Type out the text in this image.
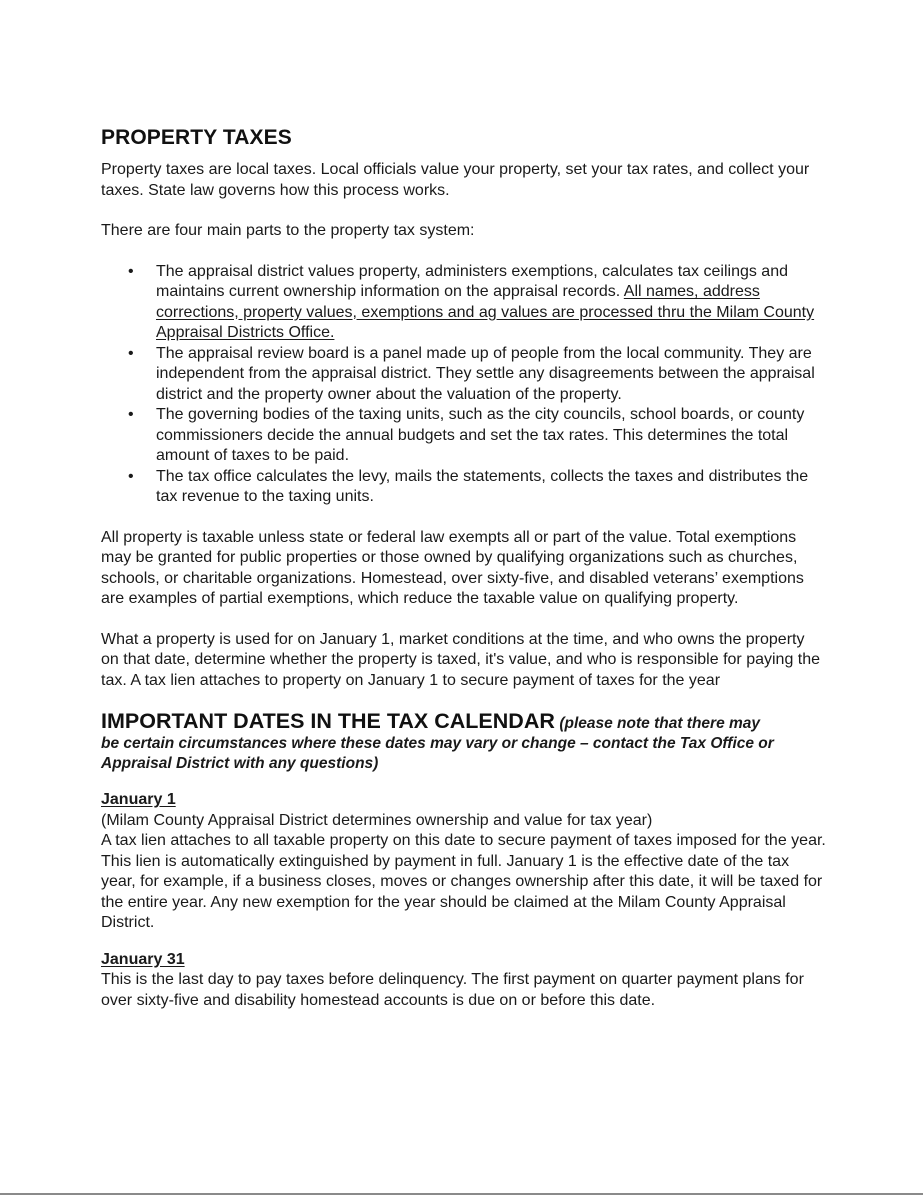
PROPERTY TAXES

Property taxes are local taxes. Local officials value your property, set your tax rates, and collect your taxes. State law governs how this process works.

There are four main parts to the property tax system:

• The appraisal district values property, administers exemptions, calculates tax ceilings and maintains current ownership information on the appraisal records. All names, address corrections, property values, exemptions and ag values are processed thru the Milam County Appraisal Districts Office.
• The appraisal review board is a panel made up of people from the local community. They are independent from the appraisal district. They settle any disagreements between the appraisal district and the property owner about the valuation of the property.
• The governing bodies of the taxing units, such as the city councils, school boards, or county commissioners decide the annual budgets and set the tax rates. This determines the total amount of taxes to be paid.
• The tax office calculates the levy, mails the statements, collects the taxes and distributes the tax revenue to the taxing units.

All property is taxable unless state or federal law exempts all or part of the value. Total exemptions may be granted for public properties or those owned by qualifying organizations such as churches, schools, or charitable organizations. Homestead, over sixty-five, and disabled veterans’ exemptions are examples of partial exemptions, which reduce the taxable value on qualifying property.

What a property is used for on January 1, market conditions at the time, and who owns the property on that date, determine whether the property is taxed, it's value, and who is responsible for paying the tax. A tax lien attaches to property on January 1 to secure payment of taxes for the year

IMPORTANT DATES IN THE TAX CALENDAR (please note that there may
be certain circumstances where these dates may vary or change – contact the Tax Office or Appraisal District with any questions)
January 1

(Milam County Appraisal District determines ownership and value for tax year)

A tax lien attaches to all taxable property on this date to secure payment of taxes imposed for the year. This lien is automatically extinguished by payment in full. January 1 is the effective date of the tax year, for example, if a business closes, moves or changes ownership after this date, it will be taxed for the entire year. Any new exemption for the year should be claimed at the Milam County Appraisal District.

January 31

This is the last day to pay taxes before delinquency. The first payment on quarter payment plans for over sixty-five and disability homestead accounts is due on or before this date.
